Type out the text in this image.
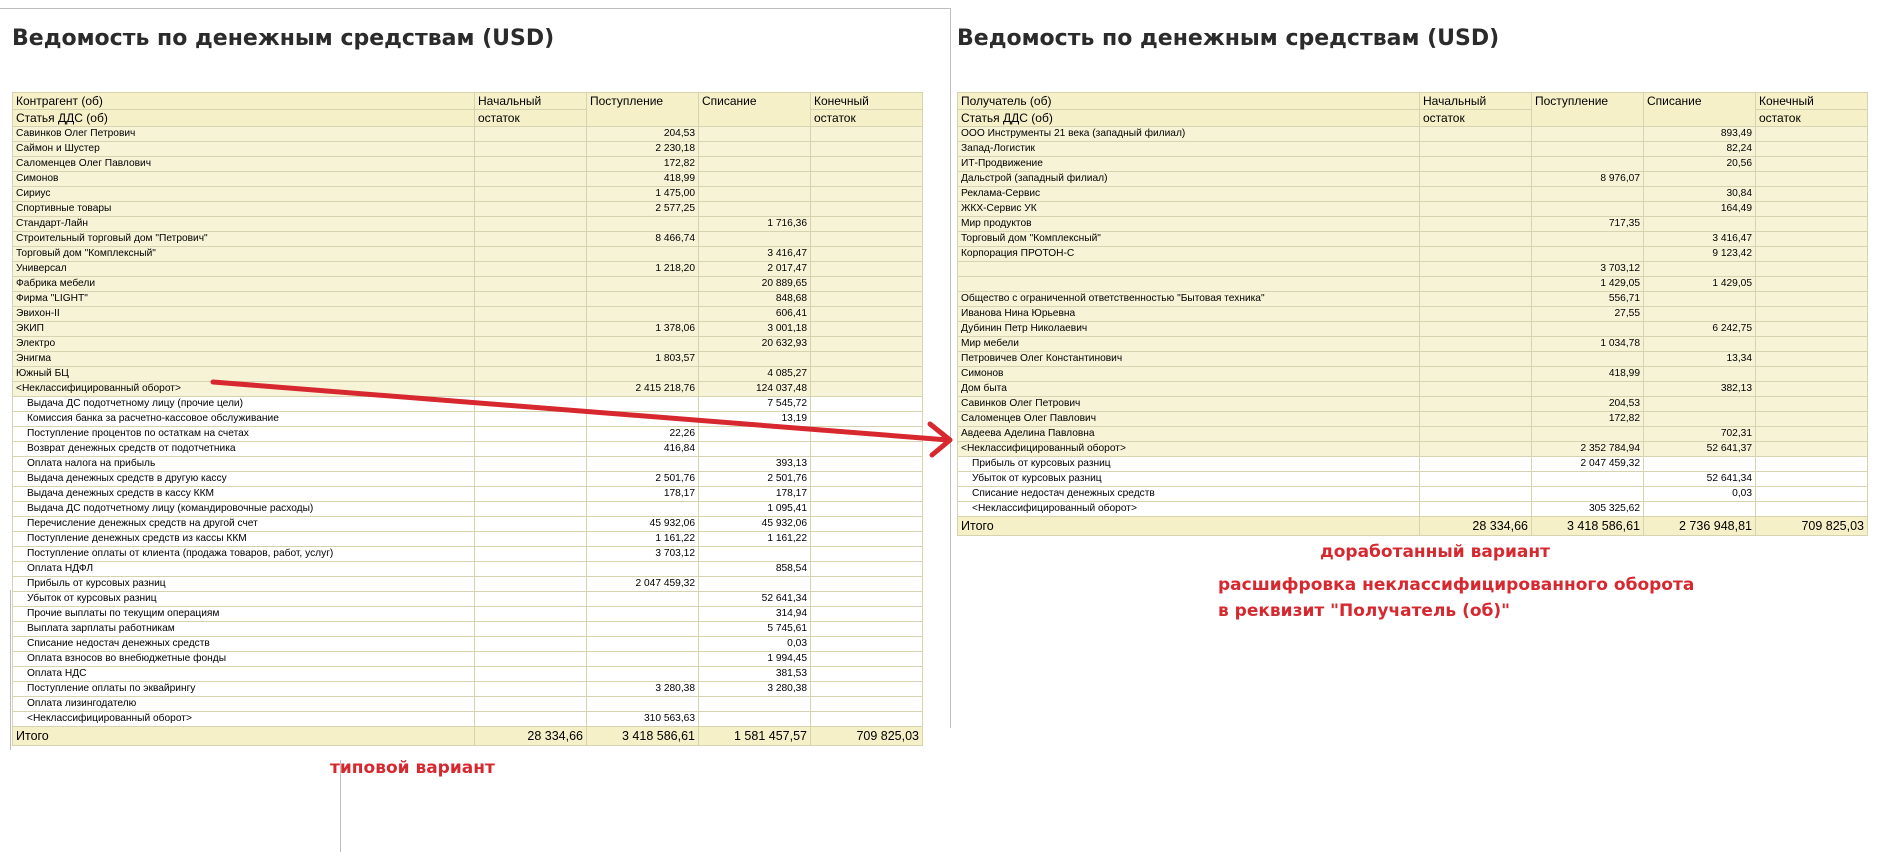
Ведомость по денежным средствам (USD)
Контрагент (об)	Начальный	Поступление	Списание	Конечный
Статья ДДС (об)	остаток			остаток
Савинков Олег Петрович		204,53		
Саймон и Шустер		2 230,18		
Саломенцев Олег Павлович		172,82		
Симонов		418,99		
Сириус		1 475,00		
Спортивные товары		2 577,25		
Стандарт-Лайн			1 716,36	
Строительный торговый дом "Петрович"		8 466,74		
Торговый дом "Комплексный"			3 416,47	
Универсал		1 218,20	2 017,47	
Фабрика мебели			20 889,65	
Фирма "LIGHT"			848,68	
Эвихон-II			606,41	
ЭКИП		1 378,06	3 001,18	
Электро			20 632,93	
Энигма		1 803,57		
Южный БЦ			4 085,27	
<Неклассифицированный оборот>		2 415 218,76	124 037,48	
Выдача ДС подотчетному лицу (прочие цели)			7 545,72	
Комиссия банка за расчетно-кассовое обслуживание			13,19	
Поступление процентов по остаткам на счетах		22,26		
Возврат денежных средств от подотчетника		416,84		
Оплата налога на прибыль			393,13	
Выдача денежных средств в другую кассу		2 501,76	2 501,76	
Выдача денежных средств в кассу ККМ		178,17	178,17	
Выдача ДС подотчетному лицу (командировочные расходы)			1 095,41	
Перечисление денежных средств на другой счет		45 932,06	45 932,06	
Поступление денежных средств из кассы ККМ		1 161,22	1 161,22	
Поступление оплаты от клиента (продажа товаров, работ, услуг)		3 703,12		
Оплата НДФЛ			858,54	
Прибыль от курсовых разниц		2 047 459,32		
Убыток от курсовых разниц			52 641,34	
Прочие выплаты по текущим операциям			314,94	
Выплата зарплаты работникам			5 745,61	
Списание недостач денежных средств			0,03	
Оплата взносов во внебюджетные фонды			1 994,45	
Оплата НДС			381,53	
Поступление оплаты по эквайрингу		3 280,38	3 280,38	
Оплата лизингодателю				
<Неклассифицированный оборот>		310 563,63		
Итого	28 334,66	3 418 586,61	1 581 457,57	709 825,03
Ведомость по денежным средствам (USD)
Получатель (об)	Начальный	Поступление	Списание	Конечный
Статья ДДС (об)	остаток			остаток
ООО Инструменты 21 века (западный филиал)			893,49	
Запад-Логистик			82,24	
ИТ-Продвижение			20,56	
Дальстрой (западный филиал)		8 976,07		
Реклама-Сервис			30,84	
ЖКХ-Сервис УК			164,49	
Мир продуктов		717,35		
Торговый дом "Комплексный"			3 416,47	
Корпорация ПРОТОН-С			9 123,42	
		3 703,12		
		1 429,05	1 429,05	
Общество с ограниченной ответственностью "Бытовая техника"		556,71		
Иванова Нина Юрьевна		27,55		
Дубинин Петр Николаевич			6 242,75	
Мир мебели		1 034,78		
Петровичев Олег Константинович			13,34	
Симонов		418,99		
Дом быта			382,13	
Савинков Олег Петрович		204,53		
Саломенцев Олег Павлович		172,82		
Авдеева Аделина Павловна			702,31	
<Неклассифицированный оборот>		2 352 784,94	52 641,37	
Прибыль от курсовых разниц		2 047 459,32		
Убыток от курсовых разниц			52 641,34	
Списание недостач денежных средств			0,03	
<Неклассифицированный оборот>		305 325,62		
Итого	28 334,66	3 418 586,61	2 736 948,81	709 825,03
типовой вариант
доработанный вариант
расшифровка неклассифицированного оборота в реквизит "Получатель (об)"
